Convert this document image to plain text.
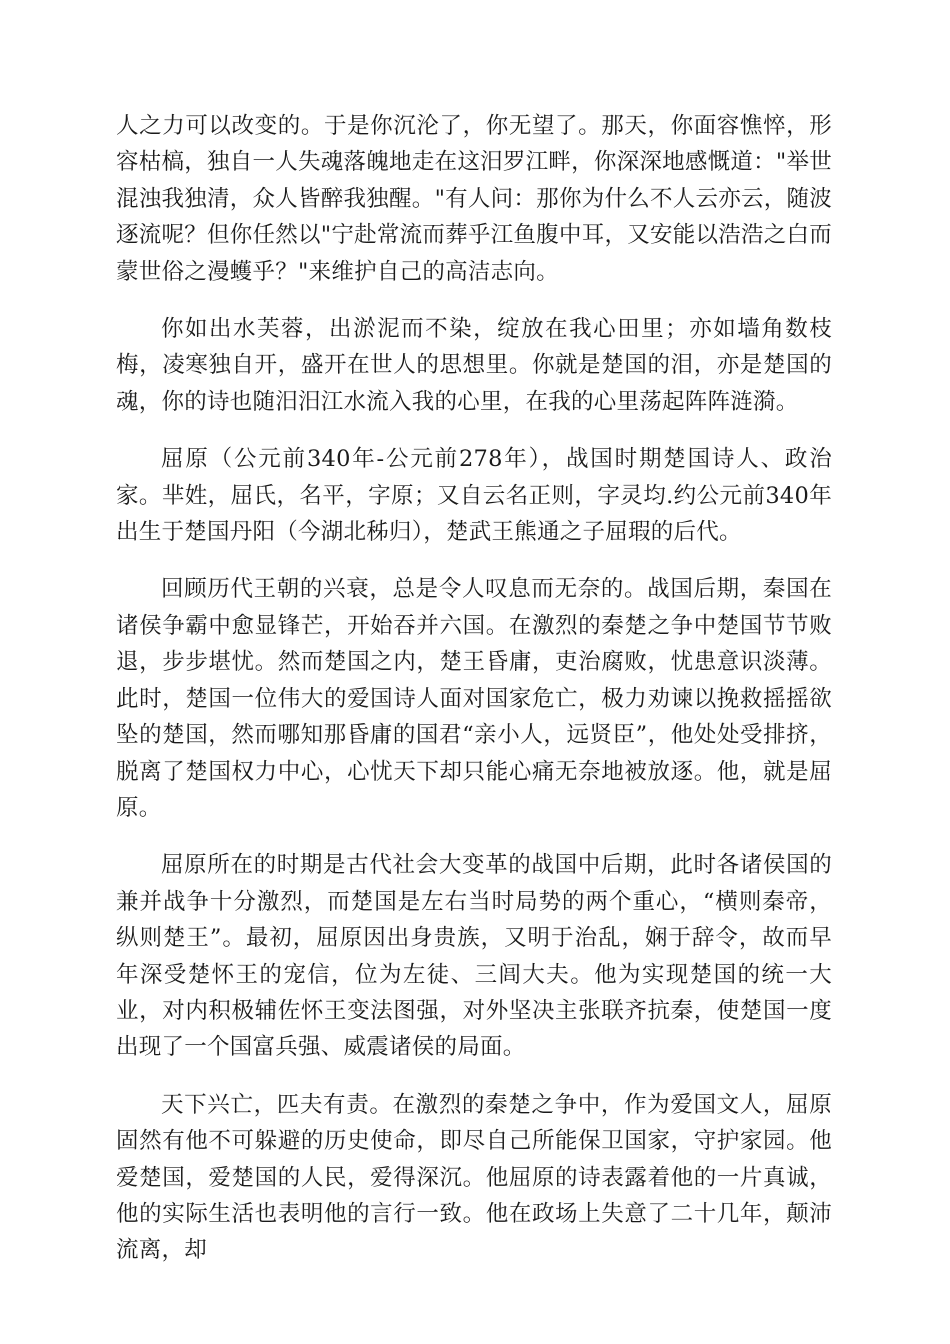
人之力可以改变的。于是你沉沦了，你无望了。那天，你面容憔悴，形容枯槁，独自一人失魂落魄地走在这汨罗江畔，你深深地感慨道："举世混浊我独清，众人皆醉我独醒。"有人问：那你为什么不人云亦云，随波逐流呢？但你任然以"宁赴常流而葬乎江鱼腹中耳，又安能以浩浩之白而蒙世俗之漫蠖乎？"来维护自己的高洁志向。

你如出水芙蓉，出淤泥而不染，绽放在我心田里；亦如墙角数枝梅，凌寒独自开，盛开在世人的思想里。你就是楚国的泪，亦是楚国的魂，你的诗也随汨汨江水流入我的心里，在我的心里荡起阵阵涟漪。

屈原（公元前340年-公元前278年），战国时期楚国诗人、政治家。芈姓，屈氏，名平，字原；又自云名正则，字灵均.约公元前340年出生于楚国丹阳（今湖北秭归），楚武王熊通之子屈瑕的后代。

回顾历代王朝的兴衰，总是令人叹息而无奈的。战国后期，秦国在诸侯争霸中愈显锋芒，开始吞并六国。在激烈的秦楚之争中楚国节节败退，步步堪忧。然而楚国之内，楚王昏庸，吏治腐败，忧患意识淡薄。此时，楚国一位伟大的爱国诗人面对国家危亡，极力劝谏以挽救摇摇欲坠的楚国，然而哪知那昏庸的国君“亲小人，远贤臣”，他处处受排挤，脱离了楚国权力中心，心忧天下却只能心痛无奈地被放逐。他，就是屈原。

屈原所在的时期是古代社会大变革的战国中后期，此时各诸侯国的兼并战争十分激烈，而楚国是左右当时局势的两个重心，“横则秦帝，纵则楚王”。最初，屈原因出身贵族，又明于治乱，娴于辞令，故而早年深受楚怀王的宠信，位为左徒、三闾大夫。他为实现楚国的统一大业，对内积极辅佐怀王变法图强，对外坚决主张联齐抗秦，使楚国一度出现了一个国富兵强、威震诸侯的局面。

天下兴亡，匹夫有责。在激烈的秦楚之争中，作为爱国文人，屈原固然有他不可躲避的历史使命，即尽自己所能保卫国家，守护家园。他爱楚国，爱楚国的人民，爱得深沉。他屈原的诗表露着他的一片真诚，他的实际生活也表明他的言行一致。他在政场上失意了二十几年，颠沛流离，却
